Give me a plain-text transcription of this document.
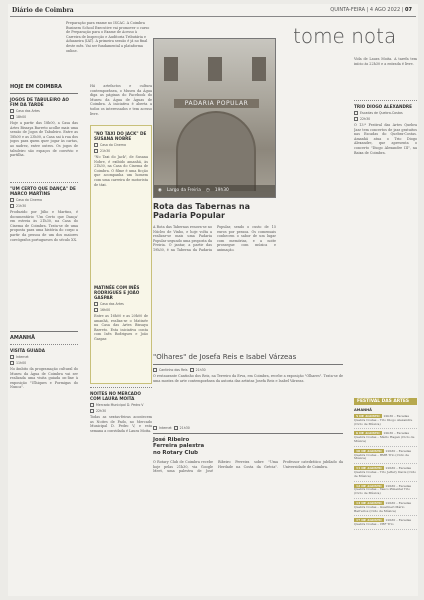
Diário de Coimbra	QUINTA-FEIRA | 4 AGO 2022 | 07
tome nota
Preparação para exame no ISCAC. A Coimbra Business School Executive vai promover o curso de Preparação para o Exame de Acesso à Carreira de Inspecção e Auditoria Tributária e Aduaneira (IAT). A primeira sessão é já no final deste mês. Vai ser fundamental a plataforma online.
HOJE EM COIMBRA
JOGOS DE TABULEIRO AO FIM DA TARDE
Casa das Artes
18h00
Hoje a partir das 18h00, a Casa das Artes Bissaya Barreto acolhe mais uma sessão de Jogos de Tabuleiro. Entre as 18h00 e as 23h00, a Casa sai à rua dos jogos para quem quer jogar às cartas, ao xadrez, entre outros. Os jogos de tabuleiro são espaços de convívio e partilha.
"UM CERTO QUE DANÇA" DE MARCO MARTINS
Casa do Cinema
21h30
Produzido por Júlio e Martins, é documentário 'Um Certo que Dança' em estreia às 21h30, na Casa do Cinema de Coimbra. Trata-se de uma proposta para uma história do corpo a partir da pessoa de um dos maiores coreógrafos portugueses do século XX.
AMANHÃ
VISITA GUIADA
Internet
11h00
No âmbito da programação cultural do Museu da Água de Coimbra vai ser realizada uma visita guiada on-line à exposição "Ulhiques e Formigas do Nunca".
Há artefactos e cultura contemporânea, o Museu da Água diga as páginas do Facebook do Museu da Água de Águas de Coimbra. A iniciativa é aberta a todos os interessados e tem acesso livre.
"NO TAXI DO JACK" DE SUSANA NOBRE
Casa do Cinema
21h30
"No Taxi do Jack", de Susana Nobre, é exibido amanhã, às 21h30, na Casa do Cinema de Coimbra. O filme é uma ficção que acompanha um homem com uma carreira de motorista de táxi.
MATINÉE COM INÊS RODRIGUES E JOÃO GASPAR
Casa das Artes
16h00
Entre as 16h00 e as 20h00 de amanhã, realiza-se o Matinée na Casa das Artes Bissaya Barreto. Esta iniciativa conta com Inês Rodrigues e João Gaspar.
NOITES NO MERCADO COM LAURA MOITA
Mercado Municipal D. Pedro V
22h30
Todas as sextas-feiras acontecem as Noites de Fado, no Mercado Municipal D. Pedro V, e esta semana a convidada é Laura Moita.
PADARIA POPULAR
◉ Largo da Freiria ◷ 19h30
Rota das Tabernas na Padaria Popular
A Rota das Tabernas renova-se no Núcleo de Vinho, e hoje volta a realizar-se mais uma Padaria Popular segundo uma proposta da Freiria. O jantar, a partir das 19h30, é na Taberna da Padaria Popular, sendo o custo de 15 euros por pessoa. Os comensais conhecem o sabor de um lugar com memórias, e a noite prossegue com música e animação.
"Olhares" de Josefa Reis e Isabel Várzeas
Cantinho dos Reis	21h30
O restaurante Cantinho dos Reis, na Terreiro da Erva, em Coimbra, recebe a exposição "Olhares". Trata-se de uma mostra de arte contemporânea da autoria das artistas Josefa Reis e Isabel Várzeas.
Internet	21h30
José Ribeiro Ferreira palestra no Rotary Club
O Rotary Club de Coimbra recebe hoje pelas 21h30, via Google Meet, uma palestra de José Ribeiro Ferreira sobre "Uma Herdade na Costa da Grécia". Professor catedrático jubilado da Universidade de Coimbra.
Vida de Laura Moita. A tarefa tem início às 22h30 e a entrada é livre.
TRIO DIOGO ALEXANDRE
Escadas de Quebra-Costas
22h30
O 13.º Festival das Artes Quebra Jazz tem concertos de jazz gratuitos nas Escadas do Quebra-Costas. Amanhã atua o Trio Diogo Alexandre, que apresenta o concerto "Diogo Alexandre III", na Baixa de Coimbra.
FESTIVAL DAS ARTES
AMANHÃ
5 DE AGOSTO 22h30 – Escadas Quebra Costas – Trio Diogo Alexandre (Ciclo de Música)
6 DE AGOSTO 22h30 – Escadas Quebra Costas – Mário Hagan (Ciclo de Música)
10 DE AGOSTO 22h30 – Escadas Quebra Costas – BMB Trio (Ciclo de Música)
11 DE AGOSTO 22h30 – Escadas Quebra Costas – Trio Jeffery Davis (Ciclo de Música)
12 DE AGOSTO 22h30 – Escadas Quebra Costas – Vasco Pimentel Trio (Ciclo de Música)
13 DE AGOSTO 22h30 – Escadas Quebra Costas – Guarnieri Mário Barreiros (Ciclo de Música)
17 DE AGOSTO 22h30 – Escadas Quebra Costas – CBF Trio
